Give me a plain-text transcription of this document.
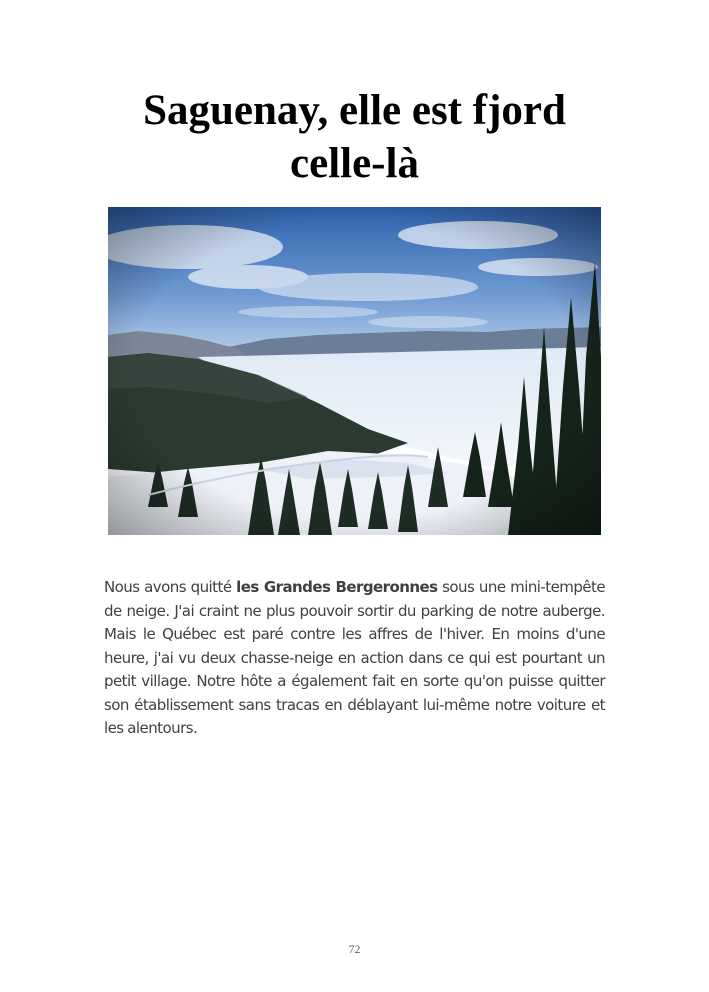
Saguenay, elle est fjord
celle-là

Nous avons quitté les Grandes Bergeronnes sous une mini-tempête de neige. J'ai craint ne plus pouvoir sortir du parking de notre auberge. Mais le Québec est paré contre les affres de l'hiver. En moins d'une heure, j'ai vu deux chasse-neige en action dans ce qui est pourtant un petit village. Notre hôte a également fait en sorte qu'on puisse quitter son établissement sans tracas en déblayant lui-même notre voiture et les alentours.

72
